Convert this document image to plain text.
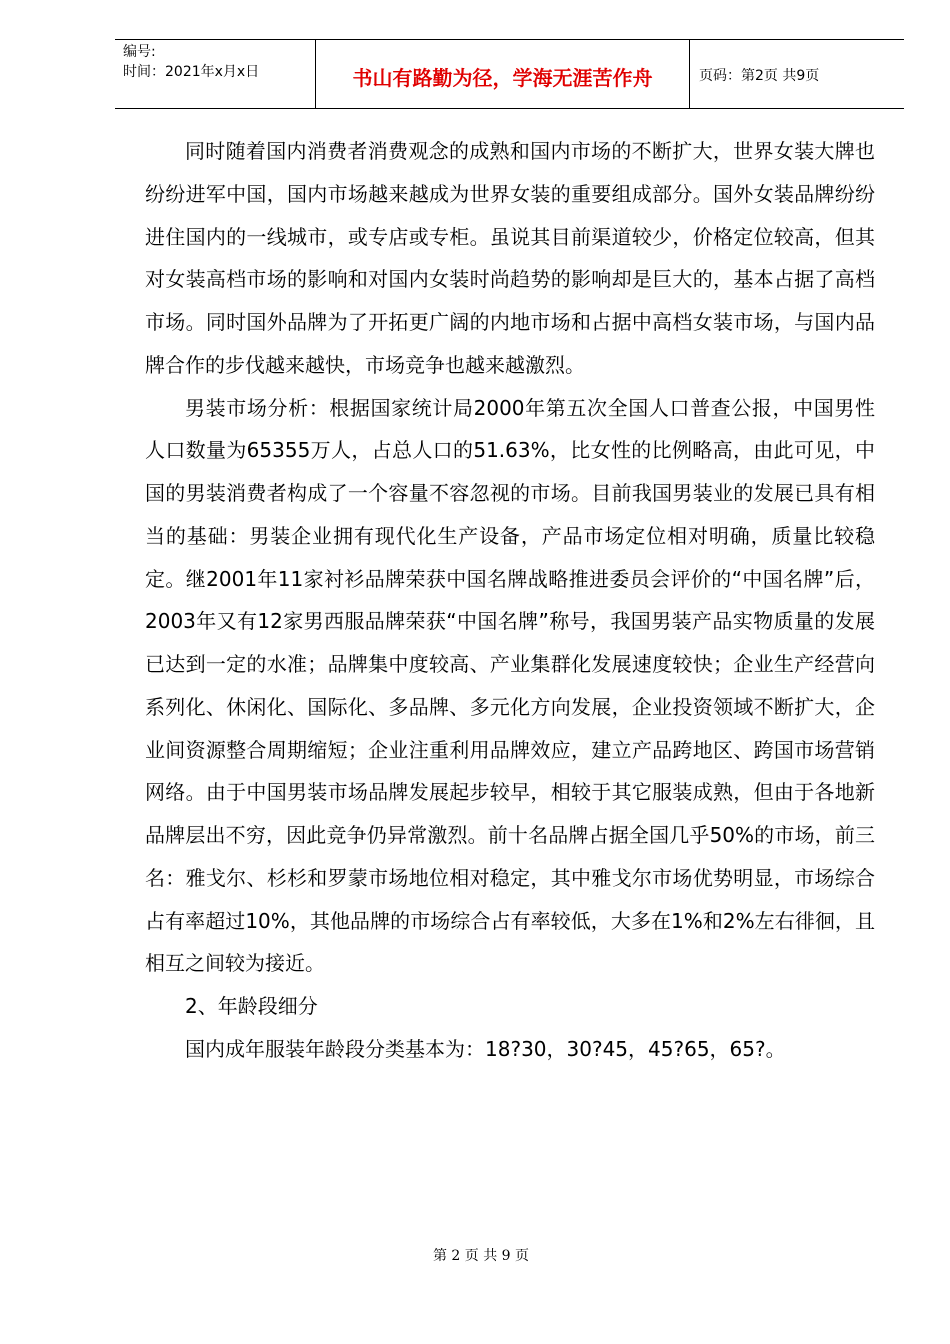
编号:
时间：2021年x月x日	书山有路勤为径，学海无涯苦作舟	页码：第2页 共9页

同时随着国内消费者消费观念的成熟和国内市场的不断扩大，世界女装大牌也纷纷进军中国，国内市场越来越成为世界女装的重要组成部分。国外女装品牌纷纷进住国内的一线城市，或专店或专柜。虽说其目前渠道较少，价格定位较高，但其对女装高档市场的影响和对国内女装时尚趋势的影响却是巨大的，基本占据了高档市场。同时国外品牌为了开拓更广阔的内地市场和占据中高档女装市场，与国内品牌合作的步伐越来越快，市场竞争也越来越激烈。

男装市场分析：根据国家统计局2000年第五次全国人口普查公报，中国男性人口数量为65355万人，占总人口的51.63%，比女性的比例略高，由此可见，中国的男装消费者构成了一个容量不容忽视的市场。目前我国男装业的发展已具有相当的基础：男装企业拥有现代化生产设备，产品市场定位相对明确，质量比较稳定。继2001年11家衬衫品牌荣获中国名牌战略推进委员会评价的“中国名牌”后，2003年又有12家男西服品牌荣获“中国名牌”称号，我国男装产品实物质量的发展已达到一定的水准；品牌集中度较高、产业集群化发展速度较快；企业生产经营向系列化、休闲化、国际化、多品牌、多元化方向发展，企业投资领域不断扩大，企业间资源整合周期缩短；企业注重利用品牌效应，建立产品跨地区、跨国市场营销网络。由于中国男装市场品牌发展起步较早，相较于其它服装成熟，但由于各地新品牌层出不穷，因此竞争仍异常激烈。前十名品牌占据全国几乎50%的市场，前三名：雅戈尔、杉杉和罗蒙市场地位相对稳定，其中雅戈尔市场优势明显，市场综合占有率超过10%，其他品牌的市场综合占有率较低，大多在1%和2%左右徘徊，且相互之间较为接近。

2、年龄段细分

国内成年服装年龄段分类基本为：18?30，30?45，45?65，65?。

第 2 页 共 9 页
